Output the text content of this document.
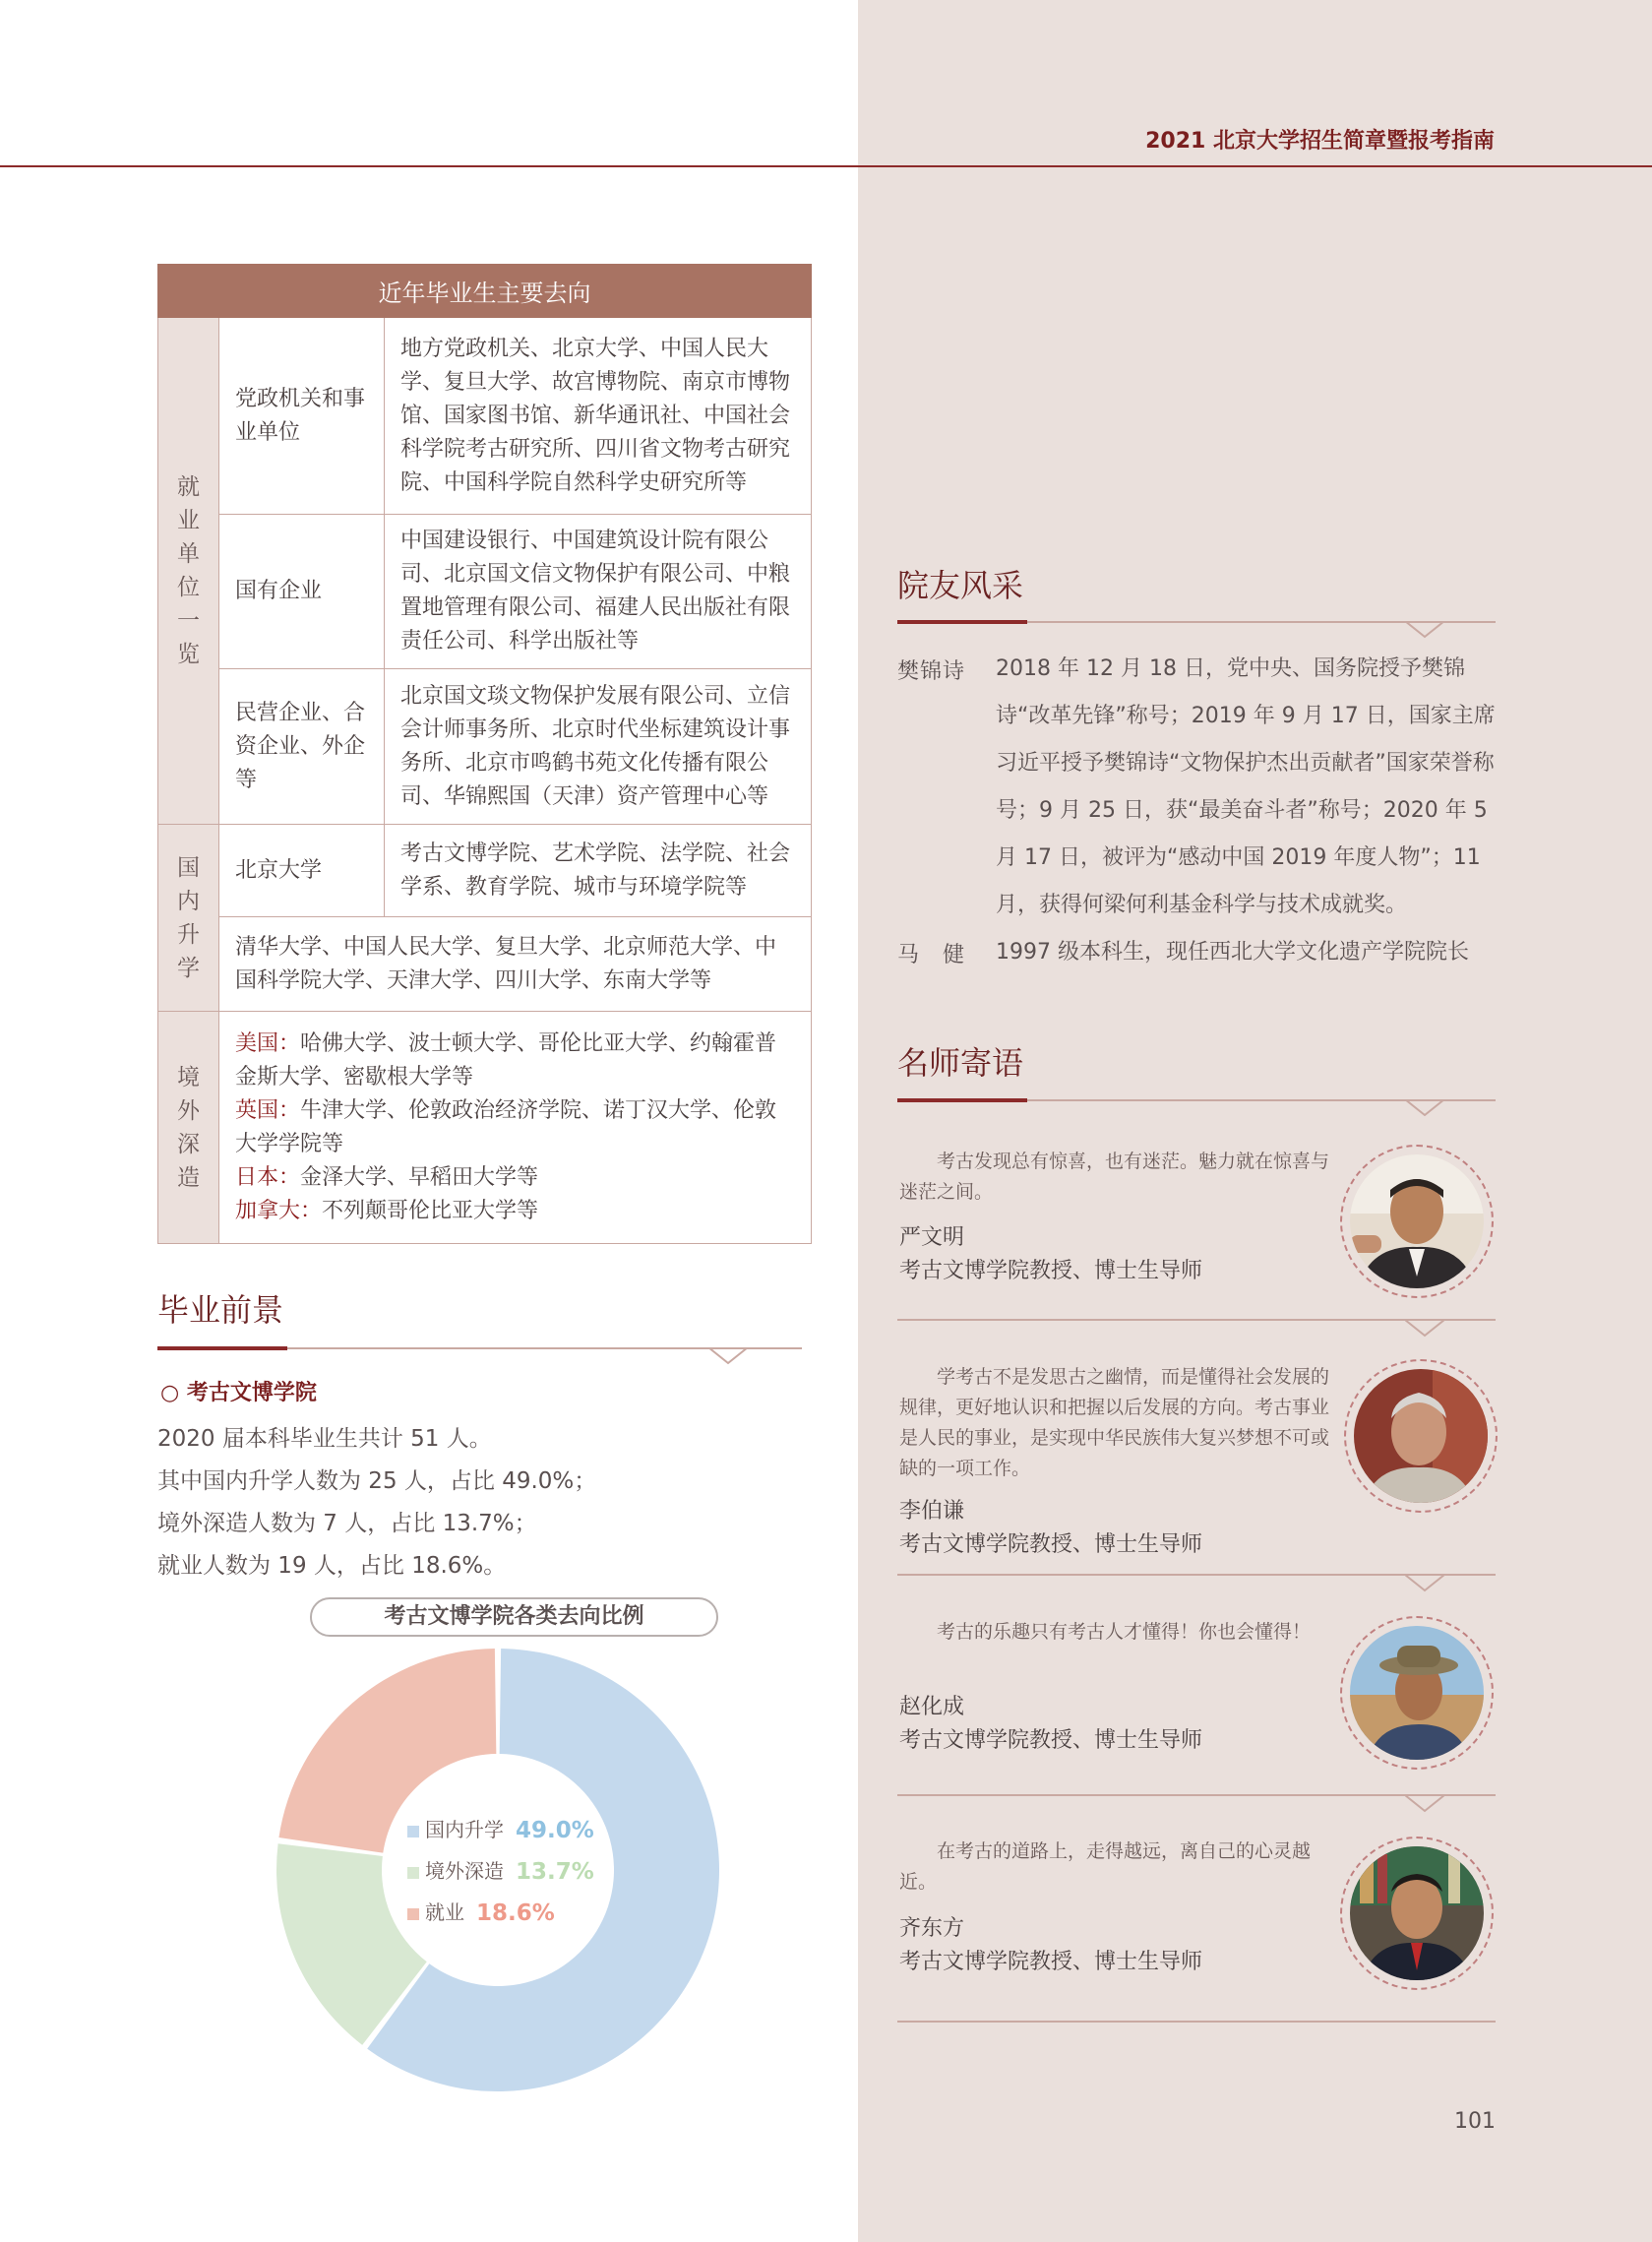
2021 北京大学招生简章暨报考指南
近年毕业生主要去向		
就业单位一览	党政机关和事业单位	地方党政机关、北京大学、中国人民大学、复旦大学、故宫博物院、南京市博物馆、国家图书馆、新华通讯社、中国社会科学院考古研究所、四川省文物考古研究院、中国科学院自然科学史研究所等
	国有企业	中国建设银行、中国建筑设计院有限公司、北京国文信文物保护有限公司、中粮置地管理有限公司、福建人民出版社有限责任公司、科学出版社等
	民营企业、合资企业、外企等	北京国文琰文物保护发展有限公司、立信会计师事务所、北京时代坐标建筑设计事务所、北京市鸣鹤书苑文化传播有限公司、华锦熙国（天津）资产管理中心等
国内升学	北京大学	考古文博学院、艺术学院、法学院、社会学系、教育学院、城市与环境学院等
	清华大学、中国人民大学、复旦大学、北京师范大学、中国科学院大学、天津大学、四川大学、东南大学等	
境外深造	美国：哈佛大学、波士顿大学、哥伦比亚大学、约翰霍普金斯大学、密歇根大学等
英国：牛津大学、伦敦政治经济学院、诺丁汉大学、伦敦大学学院等
日本：金泽大学、早稻田大学等
加拿大：不列颠哥伦比亚大学等	
毕业前景
○ 考古文博学院
2020 届本科毕业生共计 51 人。
其中国内升学人数为 25 人，占比 49.0%；
境外深造人数为 7 人，占比 13.7%；
就业人数为 19 人，占比 18.6%。
考古文博学院各类去向比例
国内升学 49.0%
境外深造 13.7%
就业 18.6%
院友风采
樊锦诗 2018 年 12 月 18 日，党中央、国务院授予樊锦诗“改革先锋”称号；2019 年 9 月 17 日，国家主席习近平授予樊锦诗“文物保护杰出贡献者”国家荣誉称号；9 月 25 日，获“最美奋斗者”称号；2020 年 5 月 17 日，被评为“感动中国 2019 年度人物”；11 月，获得何梁何利基金科学与技术成就奖。
马　健 1997 级本科生，现任西北大学文化遗产学院院长
名师寄语
考古发现总有惊喜，也有迷茫。魅力就在惊喜与迷茫之间。
严文明
考古文博学院教授、博士生导师
学考古不是发思古之幽情，而是懂得社会发展的规律，更好地认识和把握以后发展的方向。考古事业是人民的事业，是实现中华民族伟大复兴梦想不可或缺的一项工作。
李伯谦
考古文博学院教授、博士生导师
考古的乐趣只有考古人才懂得！你也会懂得！
赵化成
考古文博学院教授、博士生导师
在考古的道路上，走得越远，离自己的心灵越近。
齐东方
考古文博学院教授、博士生导师
101
